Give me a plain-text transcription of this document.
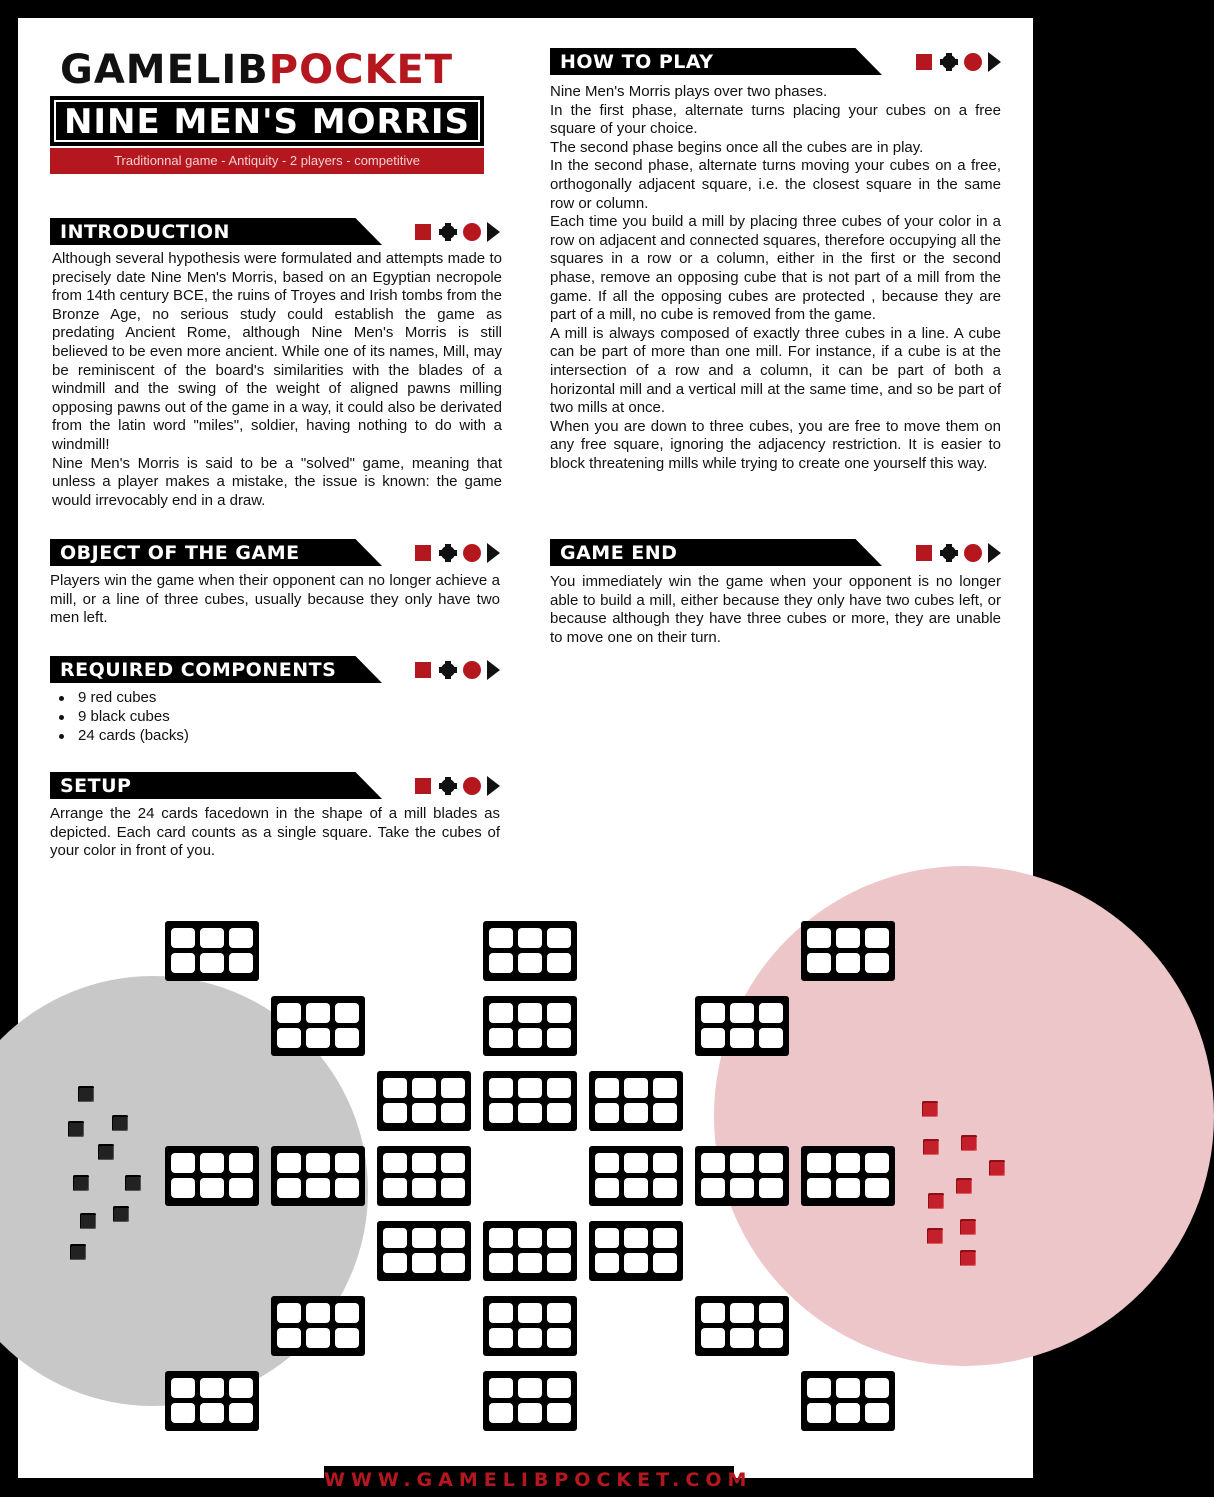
GAMELIBPOCKET
NINE MEN'S MORRIS
Traditionnal game - Antiquity - 2 players - competitive
INTRODUCTION

Although several hypothesis were formulated and attempts made to precisely date Nine Men's Morris, based on an Egyptian necropole from 14th century BCE, the ruins of Troyes and Irish tombs from the Bronze Age, no serious study could establish the game as predating Ancient Rome, although Nine Men's Morris is still believed to be even more ancient. While one of its names, Mill, may be reminiscent of the board's similarities with the blades of a windmill and the swing of the weight of aligned pawns milling opposing pawns out of the game in a way, it could also be derivated from the latin word "miles", soldier, having nothing to do with a windmill!

Nine Men's Morris is said to be a "solved" game, meaning that unless a player makes a mistake, the issue is known: the game would irrevocably end in a draw.

OBJECT OF THE GAME
Players win the game when their opponent can no longer achieve a mill, or a line of three cubes, usually because they only have two men left.
REQUIRED COMPONENTS
9 red cubes
9 black cubes
24 cards (backs)
SETUP
Arrange the 24 cards facedown in the shape of a mill blades as depicted. Each card counts as a single square. Take the cubes of your color in front of you.
HOW TO PLAY

Nine Men's Morris plays over two phases.

In the first phase, alternate turns placing your cubes on a free square of your choice.

The second phase begins once all the cubes are in play.

In the second phase, alternate turns moving your cubes on a free, orthogonally adjacent square, i.e. the closest square in the same row or column.

Each time you build a mill by placing three cubes of your color in a row on adjacent and connected squares, therefore occupying all the squares in a row or a column, either in the first or the second phase, remove an opposing cube that is not part of a mill from the game. If all the opposing cubes are protected , because they are part of a mill, no cube is removed from the game.

A mill is always composed of exactly three cubes in a line. A cube can be part of more than one mill. For instance, if a cube is at the intersection of a row and a column, it can be part of both a horizontal mill and a vertical mill at the same time, and so be part of two mills at once.

When you are down to three cubes, you are free to move them on any free square, ignoring the adjacency restriction. It is easier to block threatening mills while trying to create one yourself this way.

GAME END
You immediately win the game when your opponent is no longer able to build a mill, either because they only have two cubes left, or because although they have three cubes or more, they are unable to move one on their turn.
WWW.GAMELIBPOCKET.COM
